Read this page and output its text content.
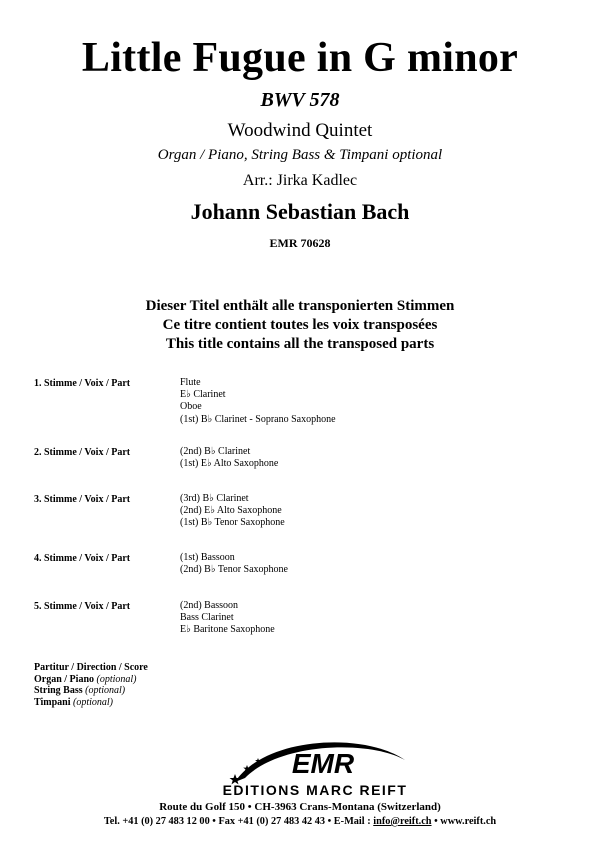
Little Fugue in G minor
BWV 578
Woodwind Quintet
Organ / Piano, String Bass & Timpani optional
Arr.: Jirka Kadlec
Johann Sebastian Bach
EMR 70628
Dieser Titel enthält alle transponierten Stimmen
Ce titre contient toutes les voix transposées
This title contains all the transposed parts
1. Stimme / Voix / Part	Flute
E♭ Clarinet
Oboe
(1st) B♭ Clarinet - Soprano Saxophone
2. Stimme / Voix / Part	(2nd) B♭ Clarinet
(1st) E♭ Alto Saxophone
3. Stimme / Voix / Part	(3rd) B♭ Clarinet
(2nd) E♭ Alto Saxophone
(1st) B♭ Tenor Saxophone
4. Stimme / Voix / Part	(1st) Bassoon
(2nd) B♭ Tenor Saxophone
5. Stimme / Voix / Part	(2nd) Bassoon
Bass Clarinet
E♭ Baritone Saxophone
Partitur / Direction / Score
Organ / Piano (optional)
String Bass (optional)
Timpani (optional)
EMR
EDITIONS MARC REIFT
Route du Golf 150 • CH-3963 Crans-Montana (Switzerland)
Tel. +41 (0) 27 483 12 00 • Fax +41 (0) 27 483 42 43 • E-Mail : info@reift.ch • www.reift.ch
